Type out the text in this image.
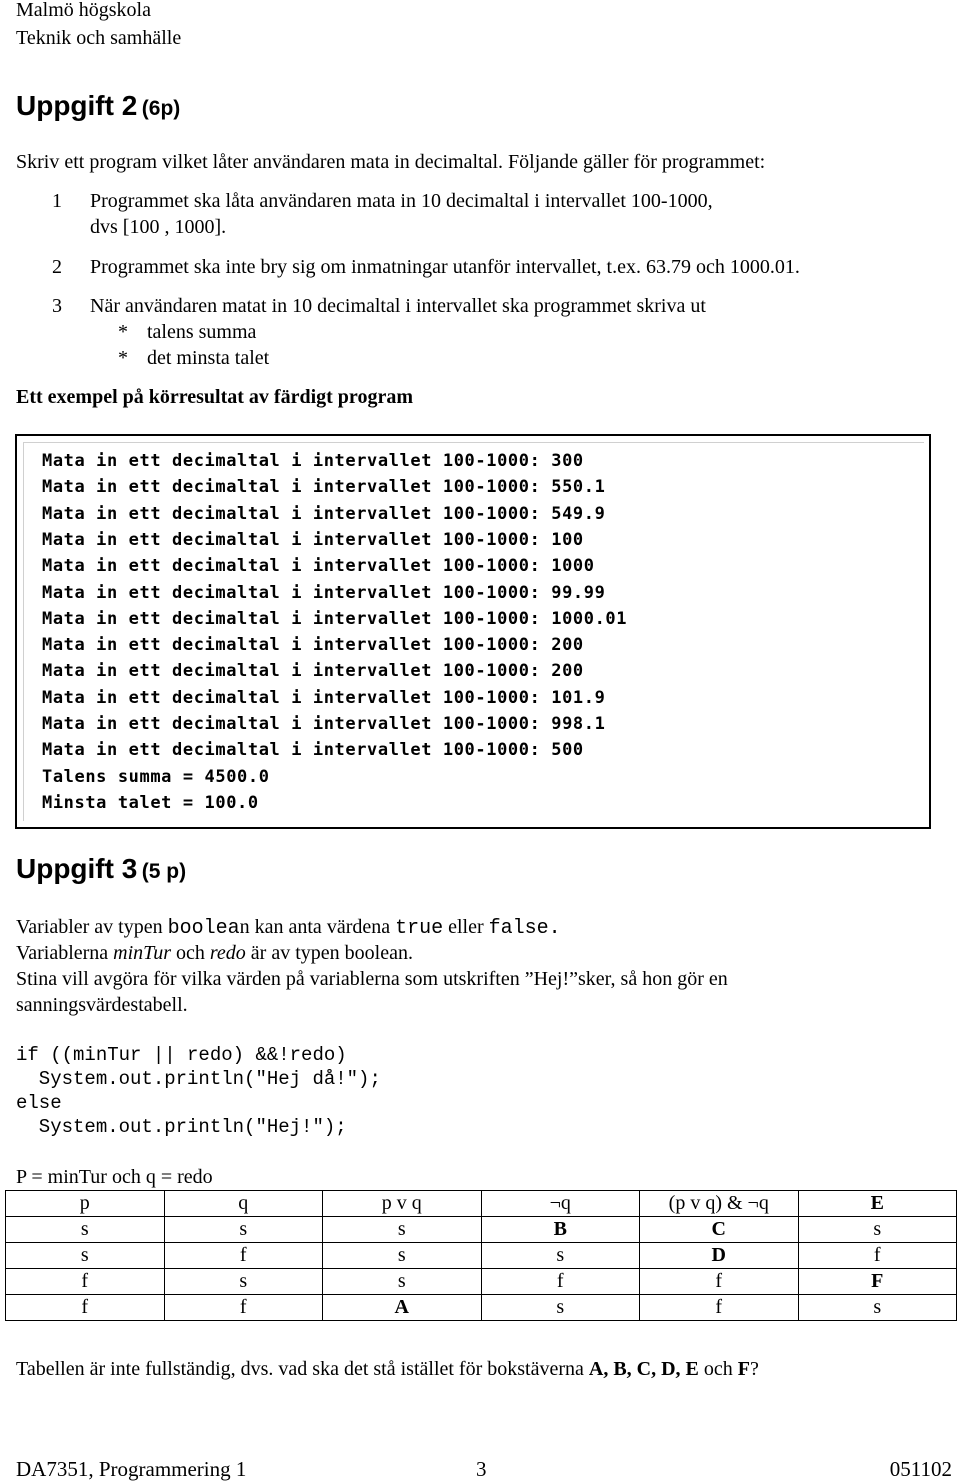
Malmö högskola
Teknik och samhälle
Uppgift 2 (6p)
Skriv ett program vilket låter användaren mata in decimaltal. Följande gäller för programmet:
1 Programmet ska låta användaren mata in 10 decimaltal i intervallet 100-1000,
dvs [100 , 1000].
2 Programmet ska inte bry sig om inmatningar utanför intervallet, t.ex. 63.79 och 1000.01.
3 När användaren matat in 10 decimaltal i intervallet ska programmet skriva ut
* talens summa
* det minsta talet
Ett exempel på körresultat av färdigt program
Mata in ett decimaltal i intervallet 100-1000: 300
Mata in ett decimaltal i intervallet 100-1000: 550.1
Mata in ett decimaltal i intervallet 100-1000: 549.9
Mata in ett decimaltal i intervallet 100-1000: 100
Mata in ett decimaltal i intervallet 100-1000: 1000
Mata in ett decimaltal i intervallet 100-1000: 99.99
Mata in ett decimaltal i intervallet 100-1000: 1000.01
Mata in ett decimaltal i intervallet 100-1000: 200
Mata in ett decimaltal i intervallet 100-1000: 200
Mata in ett decimaltal i intervallet 100-1000: 101.9
Mata in ett decimaltal i intervallet 100-1000: 998.1
Mata in ett decimaltal i intervallet 100-1000: 500
Talens summa = 4500.0
Minsta talet = 100.0
Uppgift 3 (5 p)
Variabler av typen boolean kan anta värdena true eller false.
Variablerna minTur och redo är av typen boolean.
Stina vill avgöra för vilka värden på variablerna som utskriften ”Hej!”sker, så hon gör en
sanningsvärdestabell.
if ((minTur || redo) &&!redo)
System.out.println("Hej då!");
else
System.out.println("Hej!");
P = minTur och q = redo
p	q	p v q	¬q	(p v q) & ¬q	E
s	s	s	B	C	s
s	f	s	s	D	f
f	s	s	f	f	F
f	f	A	s	f	s
Tabellen är inte fullständig, dvs. vad ska det stå istället för bokstäverna A, B, C, D, E och F?
DA7351, Programmering 1	3	051102
